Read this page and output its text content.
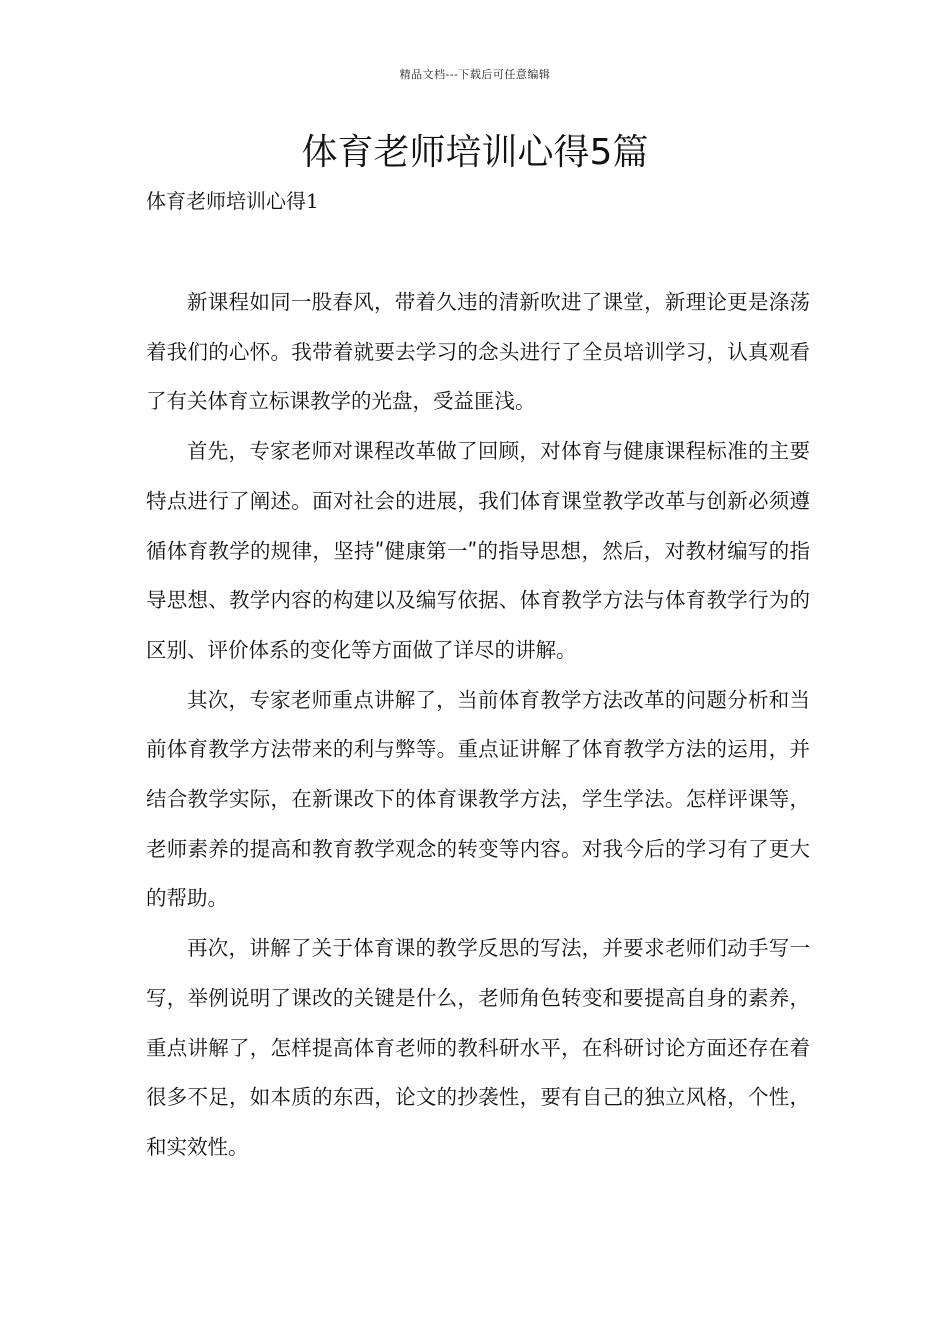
精品文档---下载后可任意编辑
体育老师培训心得5篇

体育老师培训心得1

新课程如同一股春风，带着久违的清新吹进了课堂，新理论更是涤荡着我们的心怀。我带着就要去学习的念头进行了全员培训学习，认真观看了有关体育立标课教学的光盘，受益匪浅。

首先，专家老师对课程改革做了回顾，对体育与健康课程标准的主要特点进行了阐述。面对社会的进展，我们体育课堂教学改革与创新必须遵循体育教学的规律，坚持ʺ健康第一ʺ的指导思想，然后，对教材编写的指导思想、教学内容的构建以及编写依据、体育教学方法与体育教学行为的区别、评价体系的变化等方面做了详尽的讲解。

其次，专家老师重点讲解了，当前体育教学方法改革的问题分析和当前体育教学方法带来的利与弊等。重点证讲解了体育教学方法的运用，并结合教学实际，在新课改下的体育课教学方法，学生学法。怎样评课等，老师素养的提高和教育教学观念的转变等内容。对我今后的学习有了更大的帮助。

再次，讲解了关于体育课的教学反思的写法，并要求老师们动手写一写，举例说明了课改的关键是什么，老师角色转变和要提高自身的素养，重点讲解了，怎样提高体育老师的教科研水平，在科研讨论方面还存在着很多不足，如本质的东西，论文的抄袭性，要有自己的独立风格，个性，和实效性。
